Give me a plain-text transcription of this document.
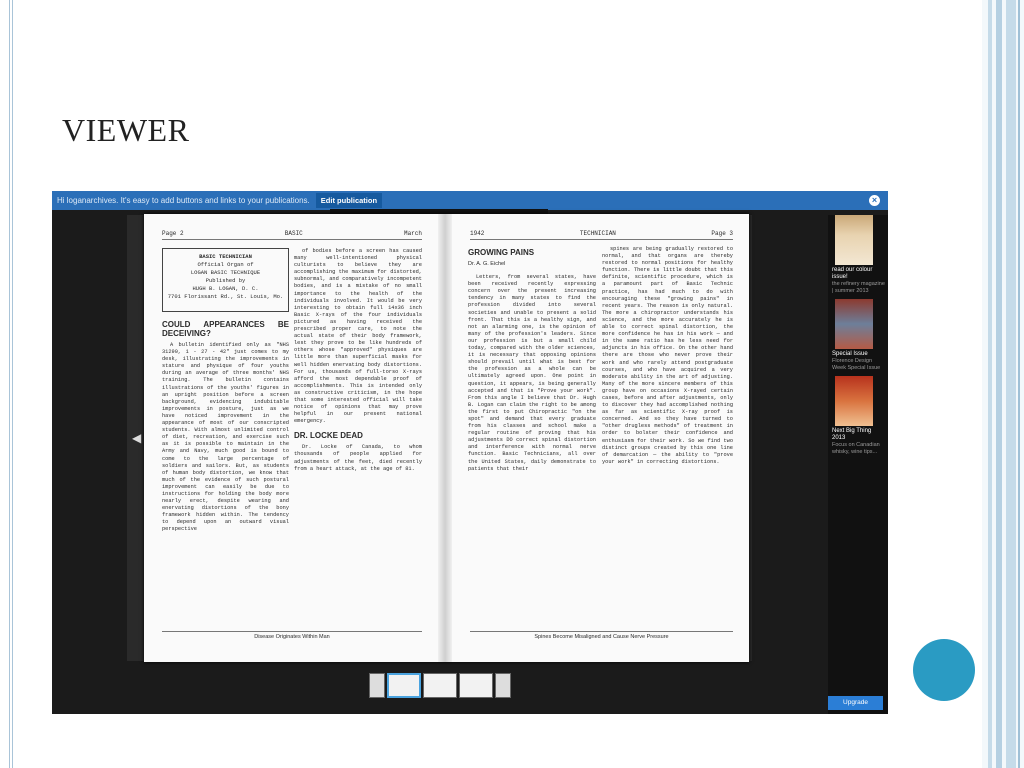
VIEWER
Hi loganarchives. It's easy to add buttons and links to your publications.	Edit publication	×
◀
Page 2	BASIC	March
BASIC TECHNICIAN
Official Organ of
LOGAN BASIC TECHNIQUE
Published by
HUGH B. LOGAN, D. C.
7701 Florissant Rd., St. Louis, Mo.
COULD APPEARANCES BE DECEIVING?
A bulletin identified only as "NHS 31290, 1 - 27 - 42" just comes to my desk, illustrating the improvements in stature and physique of four youths during an average of three months' NHS training. The bulletin contains illustrations of the youths' figures in an upright position before a screen background, evidencing indubitable improvements in posture, just as we have noticed improvement in the appearance of most of our conscripted students. With almost unlimited control of diet, recreation, and exercise such as it is possible to maintain in the Army and Navy, much good is bound to come to the large percentage of soldiers and sailors. But, as students of human body distortion, we know that much of the evidence of such postural improvement can easily be due to instructions for holding the body more nearly erect, despite wearing and enervating distortions of the bony framework hidden within. The tendency to depend upon an outward visual perspective
of bodies before a screen has caused many well-intentioned physical culturists to believe they are accomplishing the maximum for distorted, subnormal, and comparatively incompetent bodies, and is a mistake of no small importance to the health of the individuals involved. It would be very interesting to obtain full 14x36 inch Basic X-rays of the four individuals pictured as having received the prescribed proper care, to note the actual state of their body framework, lest they prove to be like hundreds of others whose "approved" physiques are little more than superficial masks for well hidden enervating body distortions. For us, thousands of full-torso X-rays afford the most dependable proof of accomplishments. This is intended only as constructive criticism, in the hope that some interested official will take notice of opinions that may prove helpful in our present national emergency.
DR. LOCKE DEAD
Dr. Locke of Canada, to whom thousands of people applied for adjustments of the feet, died recently from a heart attack, at the age of 81.
Disease Originates Within Man
1942	TECHNICIAN	Page 3
GROWING PAINS
Dr. A. G. Eichel
Letters, from several states, have been received recently expressing concern over the present increasing tendency in many states to find the profession divided into several societies and unable to present a solid front. That this is a healthy sign, and not an alarming one, is the opinion of many of the profession's leaders. Since our profession is but a small child today, compared with the older sciences, it is necessary that opposing opinions should prevail until what is best for the profession as a whole can be ultimately agreed upon. One point in question, it appears, is being generally accepted and that is "Prove your work". From this angle I believe that Dr. Hugh B. Logan can claim the right to be among the first to put Chiropractic "on the spot" and demand that every graduate from his classes and school make a regular routine of proving that his adjustments DO correct spinal distortion and interference with normal nerve function. Basic Technicians, all over the United States, daily demonstrate to patients that their
spines are being gradually restored to normal, and that organs are thereby restored to normal positions for healthy function. There is little doubt that this definite, scientific procedure, which is a paramount part of Basic Technic practice, has had much to do with encouraging these "growing pains" in recent years. The reason is only natural. The more a chiropractor understands his science, and the more accurately he is able to correct spinal distortion, the more confidence he has in his work — and in the same ratio has he less need for adjuncts in his office. On the other hand there are those who never prove their work and who rarely attend postgraduate courses, and who have acquired a very moderate ability in the art of adjusting. Many of the more sincere members of this group have on occasions X-rayed certain cases, before and after adjustments, only to discover they had accomplished nothing as far as scientific X-ray proof is concerned. And so they have turned to "other drugless methods" of treatment in order to bolster their confidence and enthusiasm for their work. So we find two distinct groups created by this one line of demarcation — the ability to "prove your work" in correcting distortions.
Spines Become Misaligned and Cause Nerve Pressure
read our colour issue!
the refinery magazine | summer 2013
Special Issue
Florence Design Week Special Issue
Next Big Thing 2013
Focus on Canadian whisky, wine tips...
Upgrade
